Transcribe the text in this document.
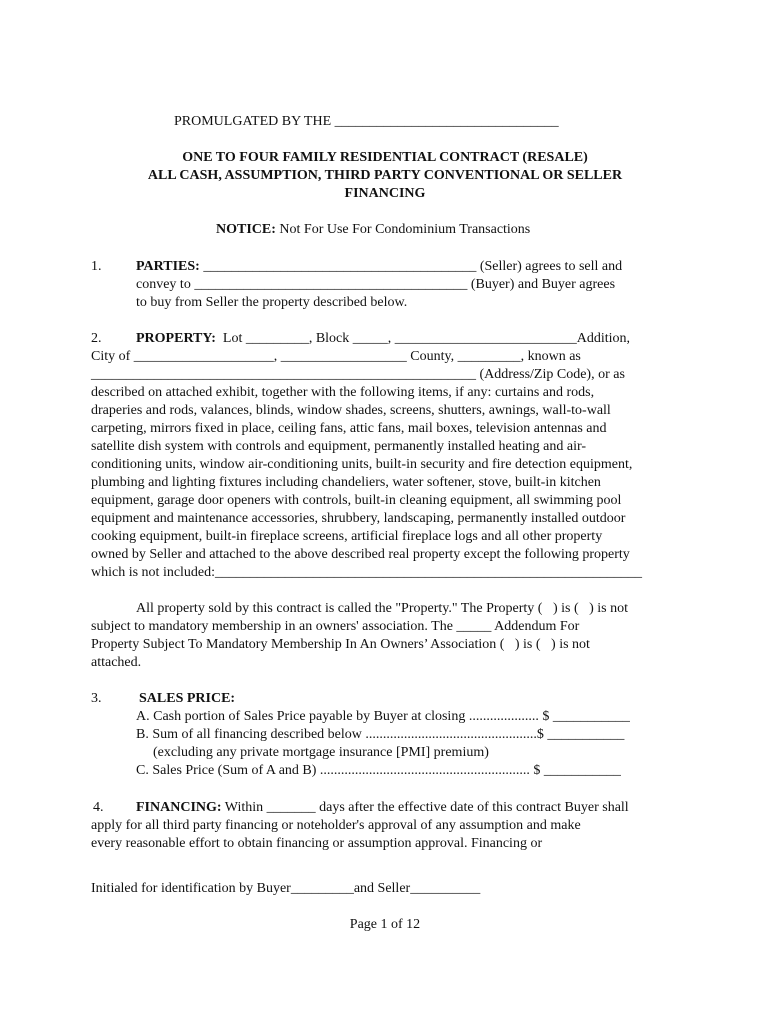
PROMULGATED BY THE ________________________________
ONE TO FOUR FAMILY RESIDENTIAL CONTRACT (RESALE)
ALL CASH, ASSUMPTION, THIRD PARTY CONVENTIONAL OR SELLER
FINANCING
NOTICE: Not For Use For Condominium Transactions
1. PARTIES: _______________________________________ (Seller) agrees to sell and
convey to _______________________________________ (Buyer) and Buyer agrees
to buy from Seller the property described below.
2. PROPERTY:  Lot _________, Block _____, __________________________Addition,
City of ____________________, __________________ County, _________, known as
_______________________________________________________ (Address/Zip Code), or as
described on attached exhibit, together with the following items, if any: curtains and rods,
draperies and rods, valances, blinds, window shades, screens, shutters, awnings, wall-to-wall
carpeting, mirrors fixed in place, ceiling fans, attic fans, mail boxes, television antennas and
satellite dish system with controls and equipment, permanently installed heating and air-
conditioning units, window air-conditioning units, built-in security and fire detection equipment,
plumbing and lighting fixtures including chandeliers, water softener, stove, built-in kitchen
equipment, garage door openers with controls, built-in cleaning equipment, all swimming pool
equipment and maintenance accessories, shrubbery, landscaping, permanently installed outdoor
cooking equipment, built-in fireplace screens, artificial fireplace logs and all other property
owned by Seller and attached to the above described real property except the following property
which is not included:_____________________________________________________________
All property sold by this contract is called the "Property." The Property (   ) is (   ) is not
subject to mandatory membership in an owners' association. The _____ Addendum For
Property Subject To Mandatory Membership In An Owners’ Association (   ) is (   ) is not
attached.
3.	SALES PRICE:
A. Cash portion of Sales Price payable by Buyer at closing .................... $ ___________
B. Sum of all financing described below .................................................$ ___________
(excluding any private mortgage insurance [PMI] premium)
C. Sales Price (Sum of A and B) ............................................................ $ ___________
4. FINANCING: Within _______ days after the effective date of this contract Buyer shall
apply for all third party financing or noteholder's approval of any assumption and make
every reasonable effort to obtain financing or assumption approval. Financing or
Initialed for identification by Buyer_________and Seller__________
Page 1 of 12
